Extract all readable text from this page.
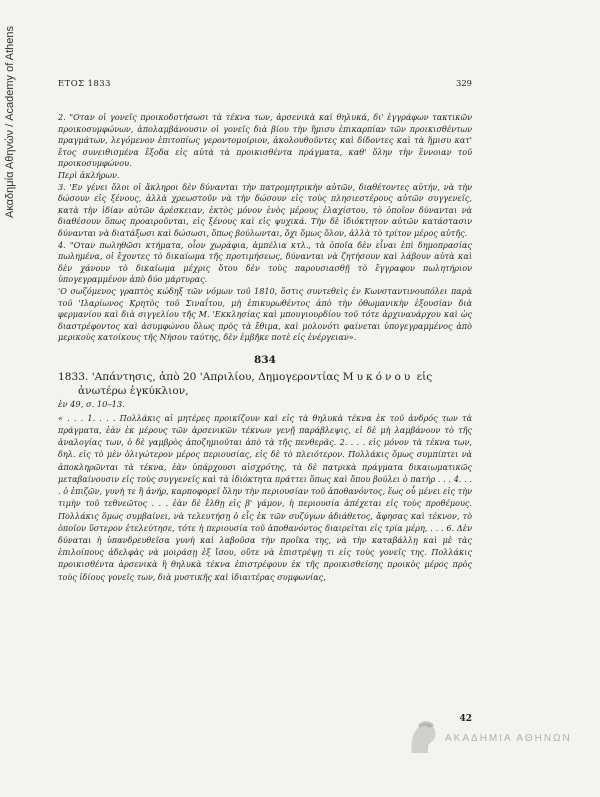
Ακαδημία Αθηνών / Academy of Athens	ΕΤΟΣ 1833	329

2. "Οταν οἱ γονεῖς προικοδοτήσωσι τὰ τέκνα των, ἀρσενικὰ καὶ θηλυκά, δι' ἐγγράφων τακτικῶν προικοσυμφώνων, ἀπολαμβάνουσιν οἱ γονεῖς διὰ βίου τὴν ἥμισυ ἐπικαρπίαν τῶν προικισθέντων πραγμάτων, λεγόμενον ἐπιτοπίως γεροντομοίριον, ἀκολουθοῦντες καὶ δίδοντες καὶ τὰ ἥμισυ κατ' ἔτος συνειθισμένα ἔξοδα εἰς αὐτὰ τὰ προικισθέντα πράγματα, καθ' ὅλην τὴν ἔννοιαν τοῦ προικοσυμφώνου.

Περὶ ἀκλήρων.

3. 'Εν γένει ὅλοι οἱ ἄκληροι δὲν δύνανται τὴν πατρομητρικὴν αὐτῶν, διαθέτοντες αὐτήν, νὰ τὴν δώσουν εἰς ξένους, ἀλλὰ χρεωστοῦν νὰ τὴν δώσουν εἰς τοὺς πλησιεστέρους αὐτῶν συγγενεῖς, κατὰ τὴν ἰδίαν αὐτῶν ἀρέσκειαν, ἐκτὸς μόνον ἑνὸς μέρους ἐλαχίστου, τὸ ὁποῖον δύνανται νὰ διαθέσουν ὅπως προαιροῦνται, εἰς ξένους καὶ εἰς ψυχικά. Τὴν δὲ ἰδιόκτητον αὐτῶν κατάστασιν δύνανται νὰ διατάξωσι καὶ δώσωσι, ὅπως βούλωνται, ὄχι ὅμως ὅλον, ἀλλὰ τὸ τρίτον μέρος αὐτῆς.

4. "Οταν πωληθῶσι κτήματα, οἷον χωράφια, ἀμπέλια κτλ., τὰ ὁποῖα δὲν εἶναι ἐπὶ δημοπρασίας πωλημένα, οἱ ἔχοντες τὸ δικαίωμα τῆς προτιμήσεως, δύνανται νὰ ζητήσουν καὶ λάβουν αὐτὰ καὶ δὲν χάνουν τὸ δικαίωμα μέχρις ὅτου δὲν τοὺς παρουσιασθῇ τὸ ἔγγραφον πωλητήριον ὑπογεγραμμένον ἀπὸ δύο μάρτυρας.

'Ο σωζόμενος γραπτὸς κώδηξ τῶν νόμων τοῦ 1810, ὅστις συντεθεὶς ἐν Κωνσταντινουπόλει παρὰ τοῦ 'Ιλαρίωνος Κρητὸς τοῦ Σιναΐτου, μὴ ἐπικυρωθέντος ἀπὸ τὴν ὀθωμανικὴν ἐξουσίαν διὰ φερμανίου καὶ διὰ σιγγελίου τῆς Μ. 'Εκκλησίας καὶ μπουγιουρδίου τοῦ τότε ἀρχιναυάρχου καὶ ὡς διαστρέφοντος καὶ ἀσυμφώνου ὅλως πρὸς τὰ ἔθιμα, καὶ μολονότι φαίνεται ὑπογεγραμμένος ἀπὸ μερικοὺς κατοίκους τῆς Νήσου ταύτης, δὲν ἐμβῆκε ποτὲ εἰς ἐνέργειαν».

834
1833. 'Απάντησις, ἀπὸ 20 'Απριλίου, Δημογεροντίας Μυκόνου εἰς
ἀνωτέρω ἐγκύκλιον,
ἐν 49, σ. 10–13.
« . . . 1. . . . Πολλάκις αἱ μητέρες προικίζουν καὶ εἰς τὰ θηλυκὰ τέκνα ἐκ τοῦ ἀνδρός των τὰ πράγματα, ἐὰν ἐκ μέρους τῶν ἀρσενικῶν τέκνων γενῇ παράβλεψις, εἰ δὲ μὴ λαμβάνουν τὸ τῆς ἀναλογίας των, ὁ δὲ γαμβρὸς ἀποζημιοῦται ἀπὸ τὰ τῆς πενθερᾶς. 2. . . . εἰς μόνον τὰ τέκνα των, δηλ. εἰς τὸ μὲν ὀλιγώτερον μέρος περιουσίας, εἰς δὲ τὸ πλειότερον. Πολλάκις ὅμως συμπίπτει νὰ ἀποκληρῶνται τὰ τέκνα, ἐὰν ὑπάρχουσι αἰσχρότης, τὰ δὲ πατρικὰ πράγματα δικαιωματικῶς μεταβαίνουσιν εἰς τοὺς συγγενεῖς καὶ τὰ ἰδιόκτητα πράττει ὅπως καὶ ὅπου βούλει ὁ πατήρ . . . 4. . . . ὁ ἐπιζῶν, γυνὴ τε ἢ ἀνήρ, καρποφορεῖ ὅλην τὴν περιουσίαν τοῦ ἀποθανόντος, ἕως οὗ μένει εἰς τὴν τιμὴν τοῦ τεθνεῶτος . . . ἐὰν δὲ ἔλθῃ εἰς β' γάμον, ἡ περιουσία ἀπέχεται εἰς τοὺς προθέμους. Πολλάκις ὅμως συμβαίνει, νὰ τελευτήσῃ ὁ εἷς ἐκ τῶν συζύγων ἀδιάθετος, ἄφησας καὶ τέκνον, τὸ ὁποῖον ὕστερον ἐτελεύτησε, τότε ἡ περιουσία τοῦ ἀποθανόντος διαιρεῖται εἰς τρία μέρη, . . . 6. Δὲν δύναται ἡ ὑπανδρευθεῖσα γυνὴ καὶ λαβοῦσα τὴν προῖκα της, νὰ τὴν καταβάλλῃ καὶ μὲ τὰς ἐπιλοίπους ἀδελφὰς νὰ μοιράσῃ ἐξ ἴσου, οὔτε νὰ ἐπιστρέψῃ τι εἰς τοὺς γονεῖς της. Πολλάκις προικισθέντα ἀρσενικὰ ἢ θηλυκὰ τέκνα ἐπιστρέφουν ἐκ τῆς προικισθείσης προικὸς μέρος πρὸς τοὺς ἰδίους γονεῖς των, διὰ μυστικῆς καὶ ἰδιαιτέρας συμφωνίας,
42
ΑΚΑΔΗΜΙΑ ΑΘΗΝΩΝ
